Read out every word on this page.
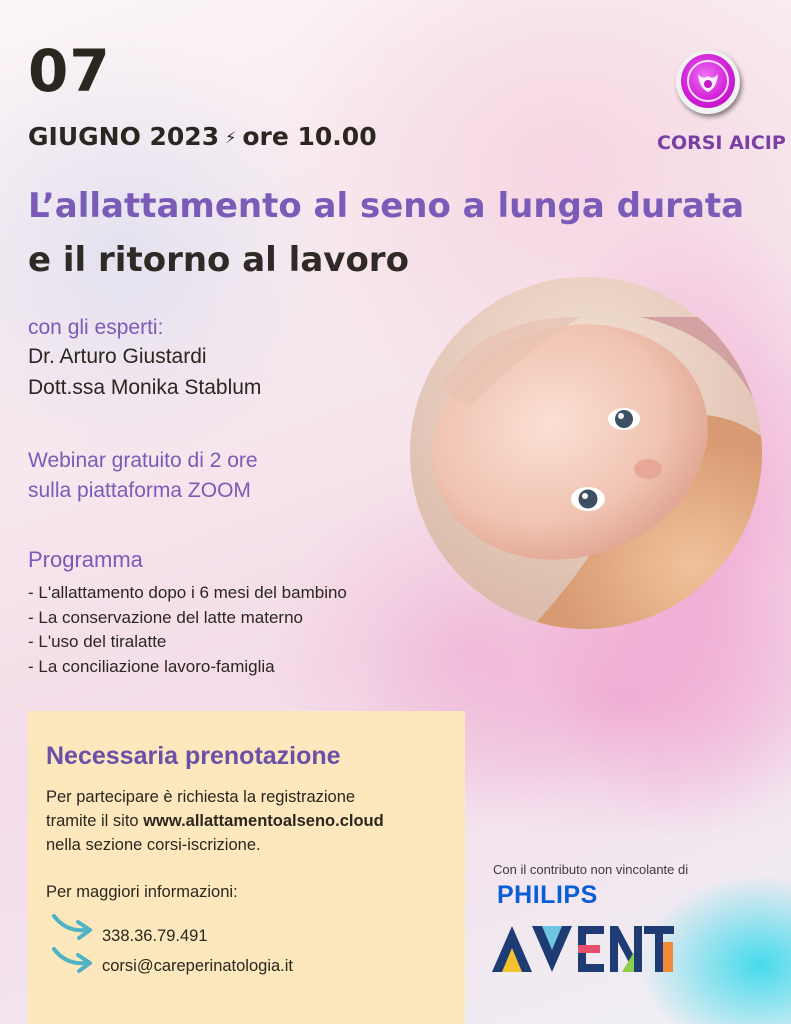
07
GIUGNO 2023 ⚡ ore 10.00	CORSI AICIP
L’allattamento al seno a lunga durata
e il ritorno al lavoro
con gli esperti:
Dr. Arturo Giustardi
Dott.ssa Monika Stablum
Webinar gratuito di 2 ore
sulla piattaforma ZOOM
Programma
- L'allattamento dopo i 6 mesi del bambino
- La conservazione del latte materno
- L'uso del tiralatte
- La conciliazione lavoro-famiglia
Necessaria prenotazione
Per partecipare è richiesta la registrazione
tramite il sito www.allattamentoalseno.cloud
nella sezione corsi-iscrizione.
Per maggiori informazioni:
338.36.79.491
corsi@careperinatologia.it
Con il contributo non vincolante di
PHILIPS
